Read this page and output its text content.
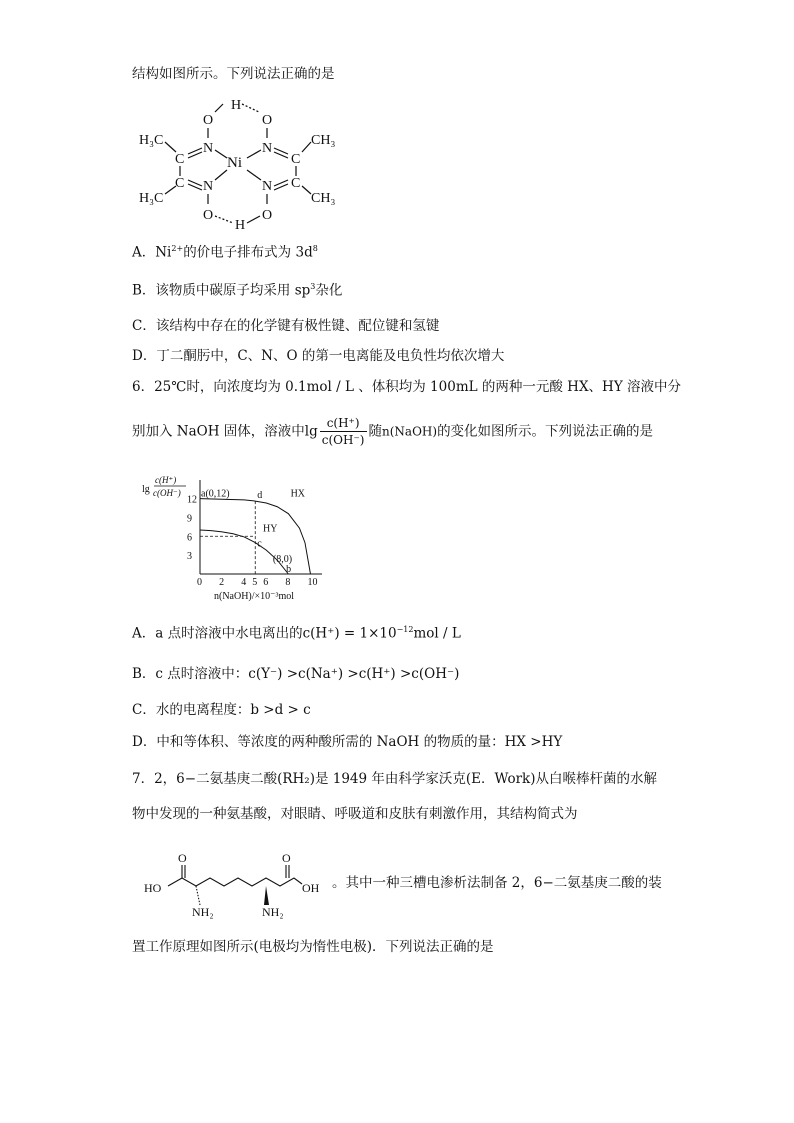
结构如图所示。下列说法正确的是
H
O	O
N	N
Ni
C
C
C
C
H₃C
H₃C
CH₃
CH₃
N	N
O	O
H
A．$Ni^{2+}$的价电子排布式为 $3d^8$
B．该物质中碳原子均采用 $sp^3$杂化
C．该结构中存在的化学键有极性键、配位键和氢键
D．丁二酮肟中，C、N、O 的第一电离能及电负性均依次增大
6．25℃时，向浓度均为 0.1mol / L 、体积均为 100mL 的两种一元酸 HX、HY 溶液中分
别加入 NaOH 固体，溶液中$\lg \frac{c(H^+)}{c(OH^-)}$ 随n(NaOH)的变化如图所示。下列说法正确的是
lg
c(H⁺)
c(OH⁻)
0 2 4 5 6 8 10
3
6
9
12
HX
HY
a(0,12)	d
c
(8,0)
b
n(NaOH)/×10⁻³mol
A．a 点时溶液中水电离出的$c(H^+) = 1\times 10^{-12}mol / L$
B．c 点时溶液中：c(Y⁻) >c(Na⁺) >c(H⁺) >c(OH⁻)
C．水的电离程度：b >d > c
D．中和等体积、等浓度的两种酸所需的 NaOH 的物质的量：HX >HY
7．2，6−二氨基庚二酸(RH₂)是 1949 年由科学家沃克(E．Work)从白喉棒杆菌的水解
物中发现的一种氨基酸，对眼睛、呼吸道和皮肤有刺激作用，其结构简式为
O	O
HO	OH
NH₂	NH₂
。其中一种三槽电渗析法制备 2，6−二氨基庚二酸的装
置工作原理如图所示(电极均为惰性电极)．下列说法正确的是
